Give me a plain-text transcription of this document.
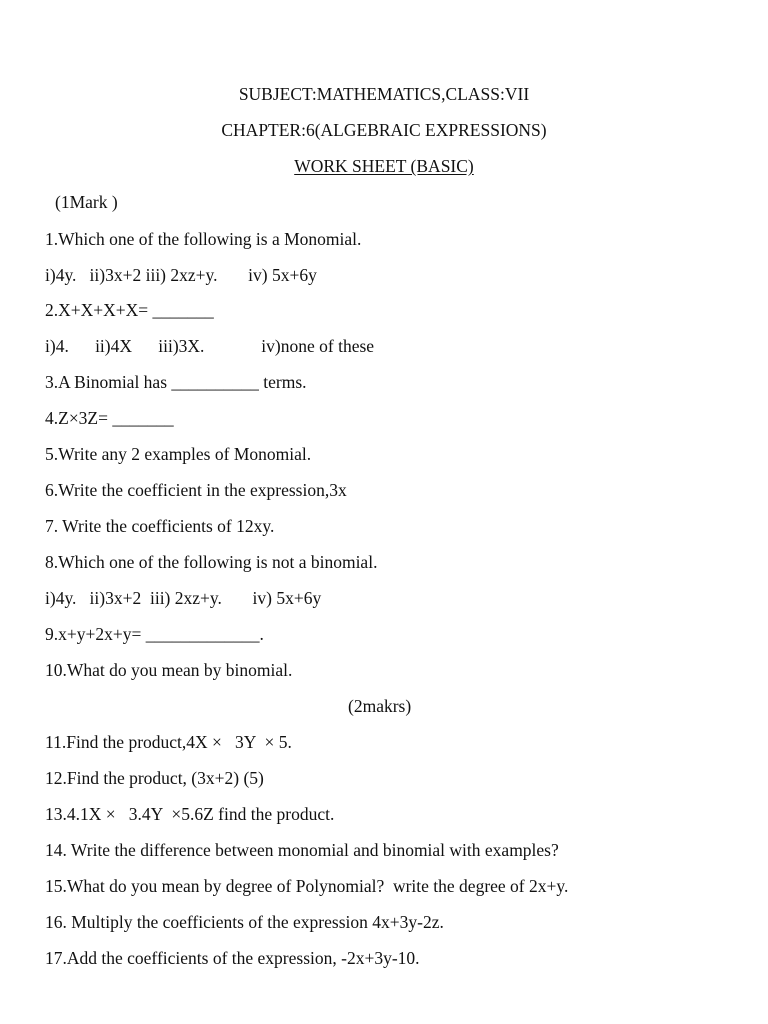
SUBJECT:MATHEMATICS,CLASS:VII
CHAPTER:6(ALGEBRAIC EXPRESSIONS)
WORK SHEET (BASIC)
(1Mark )
1.Which one of the following is a Monomial.
i)4y.   ii)3x+2 iii) 2xz+y.       iv) 5x+6y
2.X+X+X+X= _______
i)4.      ii)4X      iii)3X.             iv)none of these
3.A Binomial has __________ terms.
4.Z×3Z= _______
5.Write any 2 examples of Monomial.
6.Write the coefficient in the expression,3x
7. Write the coefficients of 12xy.
8.Which one of the following is not a binomial.
i)4y.   ii)3x+2  iii) 2xz+y.       iv) 5x+6y
9.x+y+2x+y= _____________.
10.What do you mean by binomial.
(2makrs)
11.Find the product,4X ×   3Y  × 5.
12.Find the product, (3x+2) (5)
13.4.1X ×   3.4Y  ×5.6Z find the product.
14. Write the difference between monomial and binomial with examples?
15.What do you mean by degree of Polynomial?  write the degree of 2x+y.
16. Multiply the coefficients of the expression 4x+3y-2z.
17.Add the coefficients of the expression, -2x+3y-10.
